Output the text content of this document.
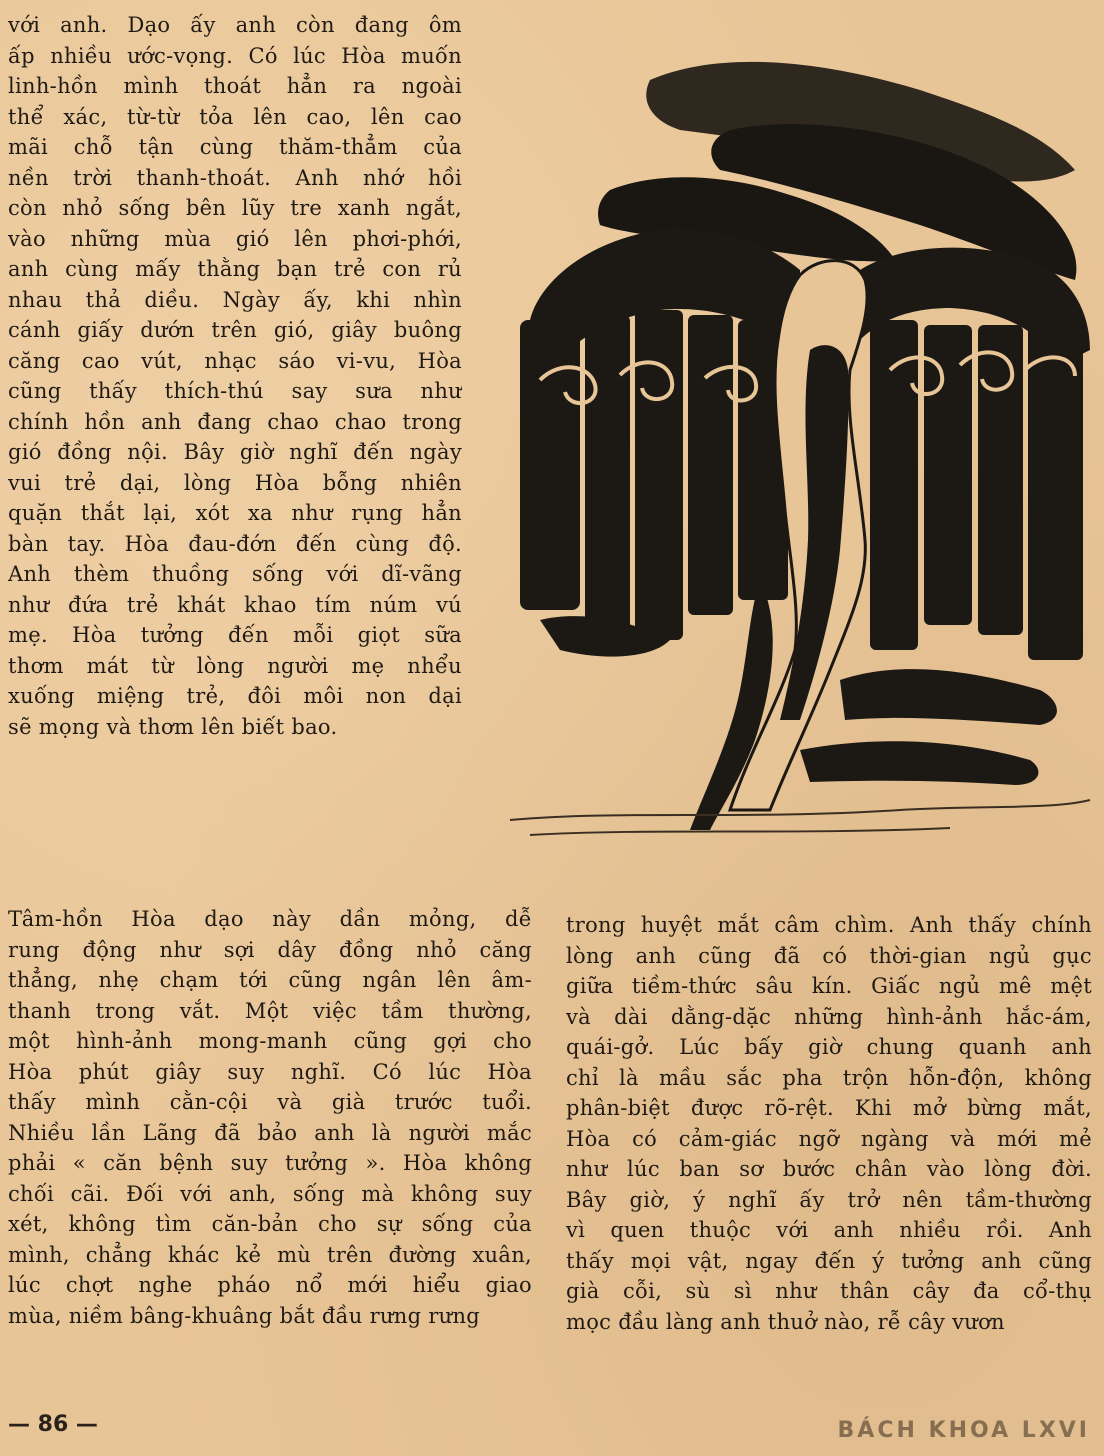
với anh. Dạo ấy anh còn đang ôm
ấp nhiều ước-vọng. Có lúc Hòa muốn
linh-hồn mình thoát hẳn ra ngoài
thể xác, từ-từ tỏa lên cao, lên cao
mãi chỗ tận cùng thăm-thẳm của
nền trời thanh-thoát. Anh nhớ hồi
còn nhỏ sống bên lũy tre xanh ngắt,
vào những mùa gió lên phơi-phới,
anh cùng mấy thằng bạn trẻ con rủ
nhau thả diều. Ngày ấy, khi nhìn
cánh giấy dướn trên gió, giây buông
căng cao vút, nhạc sáo vi-vu, Hòa
cũng thấy thích-thú say sưa như
chính hồn anh đang chao chao trong
gió đồng nội. Bây giờ nghĩ đến ngày
vui trẻ dại, lòng Hòa bỗng nhiên
quặn thắt lại, xót xa như rụng hẳn
bàn tay. Hòa đau-đớn đến cùng độ.
Anh thèm thuồng sống với dĩ-vãng
như đứa trẻ khát khao tím núm vú
mẹ. Hòa tưởng đến mỗi giọt sữa
thơm mát từ lòng người mẹ nhểu
xuống miệng trẻ, đôi môi non dại
sẽ mọng và thơm lên biết bao.
Tâm-hồn Hòa dạo này dần mỏng, dễ
rung động như sợi dây đồng nhỏ căng
thẳng, nhẹ chạm tới cũng ngân lên âm-
thanh trong vắt. Một việc tầm thường,
một hình-ảnh mong-manh cũng gợi cho
Hòa phút giây suy nghĩ. Có lúc Hòa
thấy mình cằn-cội và già trước tuổi.
Nhiều lần Lãng đã bảo anh là người mắc
phải « căn bệnh suy tưởng ». Hòa không
chối cãi. Đối với anh, sống mà không suy
xét, không tìm căn-bản cho sự sống của
mình, chẳng khác kẻ mù trên đường xuân,
lúc chợt nghe pháo nổ mới hiểu giao
mùa, niềm bâng-khuâng bắt đầu rưng rưng
trong huyệt mắt câm chìm. Anh thấy chính
lòng anh cũng đã có thời-gian ngủ gục
giữa tiềm-thức sâu kín. Giấc ngủ mê mệt
và dài dằng-dặc những hình-ảnh hắc-ám,
quái-gở. Lúc bấy giờ chung quanh anh
chỉ là mầu sắc pha trộn hỗn-độn, không
phân-biệt được rõ-rệt. Khi mở bừng mắt,
Hòa có cảm-giác ngỡ ngàng và mới mẻ
như lúc ban sơ bước chân vào lòng đời.
Bây giờ, ý nghĩ ấy trở nên tầm-thường
vì quen thuộc với anh nhiều rồi. Anh
thấy mọi vật, ngay đến ý tưởng anh cũng
già cỗi, sù sì như thân cây đa cổ-thụ
mọc đầu làng anh thuở nào, rễ cây vươn
— 86 —	BÁCH KHOA LXVI
